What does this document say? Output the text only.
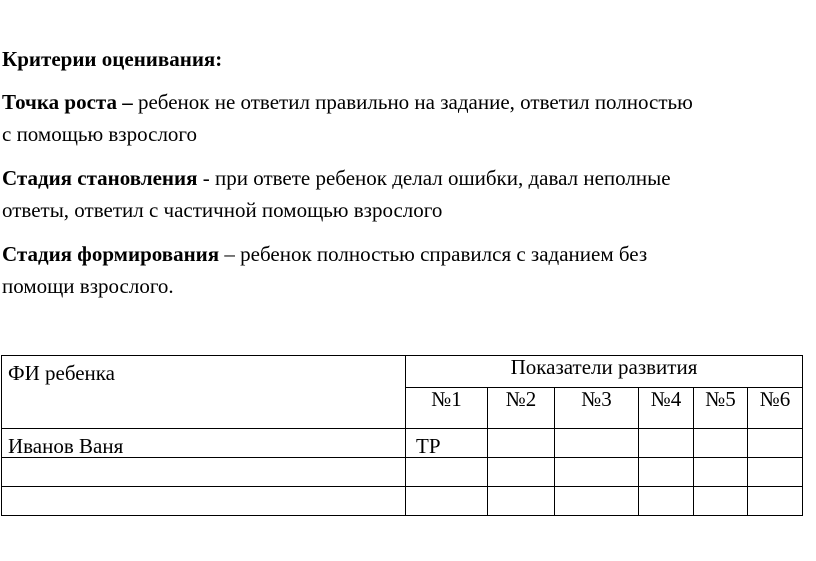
Критерии оценивания:
Точка роста – ребенок не ответил правильно на задание, ответил полностью
с помощью взрослого
Стадия становления - при ответе ребенок делал ошибки, давал неполные
ответы, ответил с частичной помощью взрослого
Стадия формирования – ребенок полностью справился с заданием без
помощи взрослого.
ФИ ребенка	Показатели развития					
	№1	№2	№3	№4	№5	№6

Иванов Ваня	ТР					
